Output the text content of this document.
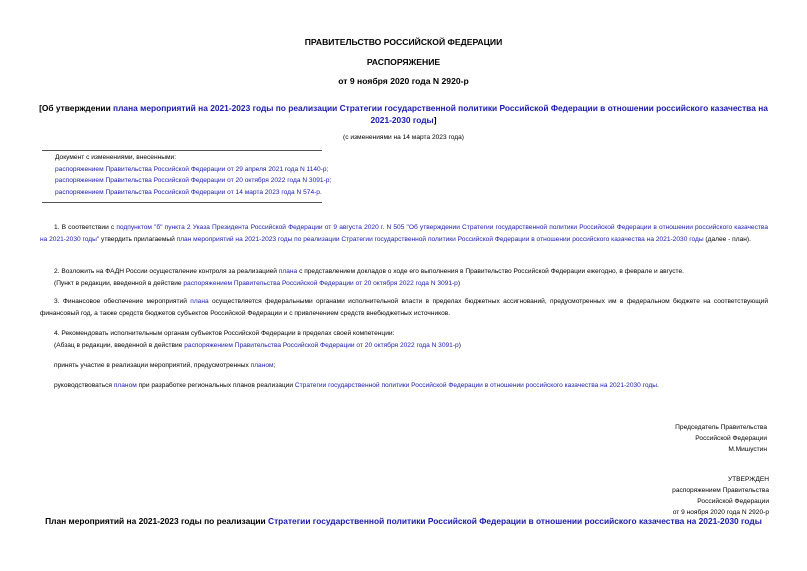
ПРАВИТЕЛЬСТВО РОССИЙСКОЙ ФЕДЕРАЦИИ
РАСПОРЯЖЕНИЕ
от 9 ноября 2020 года N 2920-р
[Об утверждении плана мероприятий на 2021-2023 годы по реализации Стратегии государственной политики Российской Федерации в отношении российского казачества на 2021-2030 годы]
(с изменениями на 14 марта 2023 года)
Документ с изменениями, внесенными:
распоряжением Правительства Российской Федерации от 29 апреля 2021 года N 1140-р;
распоряжением Правительства Российской Федерации от 20 октября 2022 года N 3091-р;
распоряжением Правительства Российской Федерации от 14 марта 2023 года N 574-р.
1. В соответствии с подпунктом "б" пункта 2 Указа Президента Российской Федерации от 9 августа 2020 г. N 505 "Об утверждении Стратегии государственной политики Российской Федерации в отношении российского казачества на 2021-2030 годы" утвердить прилагаемый план мероприятий на 2021-2023 годы по реализации Стратегии государственной политики Российской Федерации в отношении российского казачества на 2021-2030 годы (далее - план).
2. Возложить на ФАДН России осуществление контроля за реализацией плана с представлением докладов о ходе его выполнения в Правительство Российской Федерации ежегодно, в феврале и августе.
(Пункт в редакции, введенной в действие распоряжением Правительства Российской Федерации от 20 октября 2022 года N 3091-р)
3. Финансовое обеспечение мероприятий плана осуществляется федеральными органами исполнительной власти в пределах бюджетных ассигнований, предусмотренных им в федеральном бюджете на соответствующий финансовый год, а также средств бюджетов субъектов Российской Федерации и с привлечением средств внебюджетных источников.
4. Рекомендовать исполнительным органам субъектов Российской Федерации в пределах своей компетенции:
(Абзац в редакции, введенной в действие распоряжением Правительства Российской Федерации от 20 октября 2022 года N 3091-р)
принять участие в реализации мероприятий, предусмотренных планом;
руководствоваться планом при разработке региональных планов реализации Стратегии государственной политики Российской Федерации в отношении российского казачества на 2021-2030 годы.
Председатель Правительства
Российской Федерации
М.Мишустин
УТВЕРЖДЕН
распоряжением Правительства
Российской Федерации
от 9 ноября 2020 года N 2920-р
План мероприятий на 2021-2023 годы по реализации Стратегии государственной политики Российской Федерации в отношении российского казачества на 2021-2030 годы
